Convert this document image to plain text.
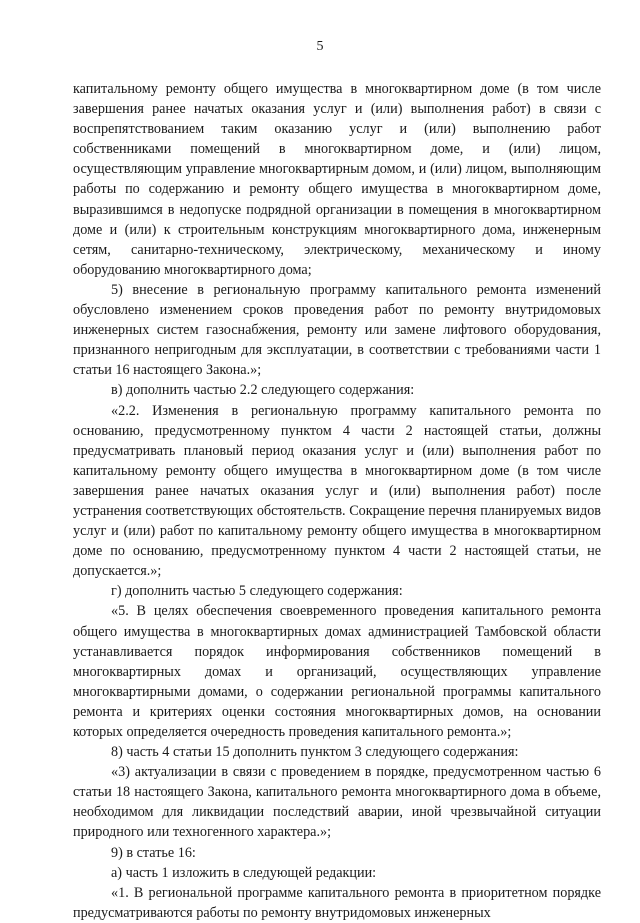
5

капитальному ремонту общего имущества в многоквартирном доме (в том числе завершения ранее начатых оказания услуг и (или) выполнения работ) в связи с воспрепятствованием таким оказанию услуг и (или) выполнению работ собственниками помещений в многоквартирном доме, и (или) лицом, осуществляющим управление многоквартирным домом, и (или) лицом, выполняющим работы по содержанию и ремонту общего имущества в многоквартирном доме, выразившимся в недопуске подрядной организации в помещения в многоквартирном доме и (или) к строительным конструкциям многоквартирного дома, инженерным сетям, санитарно-техническому, электрическому, механическому и иному оборудованию многоквартирного дома;

5) внесение в региональную программу капитального ремонта изменений обусловлено изменением сроков проведения работ по ремонту внутридомовых инженерных систем газоснабжения, ремонту или замене лифтового оборудования, признанного непригодным для эксплуатации, в соответствии с требованиями части 1 статьи 16 настоящего Закона.»;

в) дополнить частью 2.2 следующего содержания:

«2.2. Изменения в региональную программу капитального ремонта по основанию, предусмотренному пунктом 4 части 2 настоящей статьи, должны предусматривать плановый период оказания услуг и (или) выполнения работ по капитальному ремонту общего имущества в многоквартирном доме (в том числе завершения ранее начатых оказания услуг и (или) выполнения работ) после устранения соответствующих обстоятельств. Сокращение перечня планируемых видов услуг и (или) работ по капитальному ремонту общего имущества в многоквартирном доме по основанию, предусмотренному пунктом 4 части 2 настоящей статьи, не допускается.»;

г) дополнить частью 5 следующего содержания:

«5. В целях обеспечения своевременного проведения капитального ремонта общего имущества в многоквартирных домах администрацией Тамбовской области устанавливается порядок информирования собственников помещений в многоквартирных домах и организаций, осуществляющих управление многоквартирными домами, о содержании региональной программы капитального ремонта и критериях оценки состояния многоквартирных домов, на основании которых определяется очередность проведения капитального ремонта.»;

8) часть 4 статьи 15 дополнить пунктом 3 следующего содержания:

«3) актуализации в связи с проведением в порядке, предусмотренном частью 6 статьи 18 настоящего Закона, капитального ремонта многоквартирного дома в объеме, необходимом для ликвидации последствий аварии, иной чрезвычайной ситуации природного или техногенного характера.»;

9) в статье 16:

а) часть 1 изложить в следующей редакции:

«1. В региональной программе капитального ремонта в приоритетном порядке предусматриваются работы по ремонту внутридомовых инженерных
